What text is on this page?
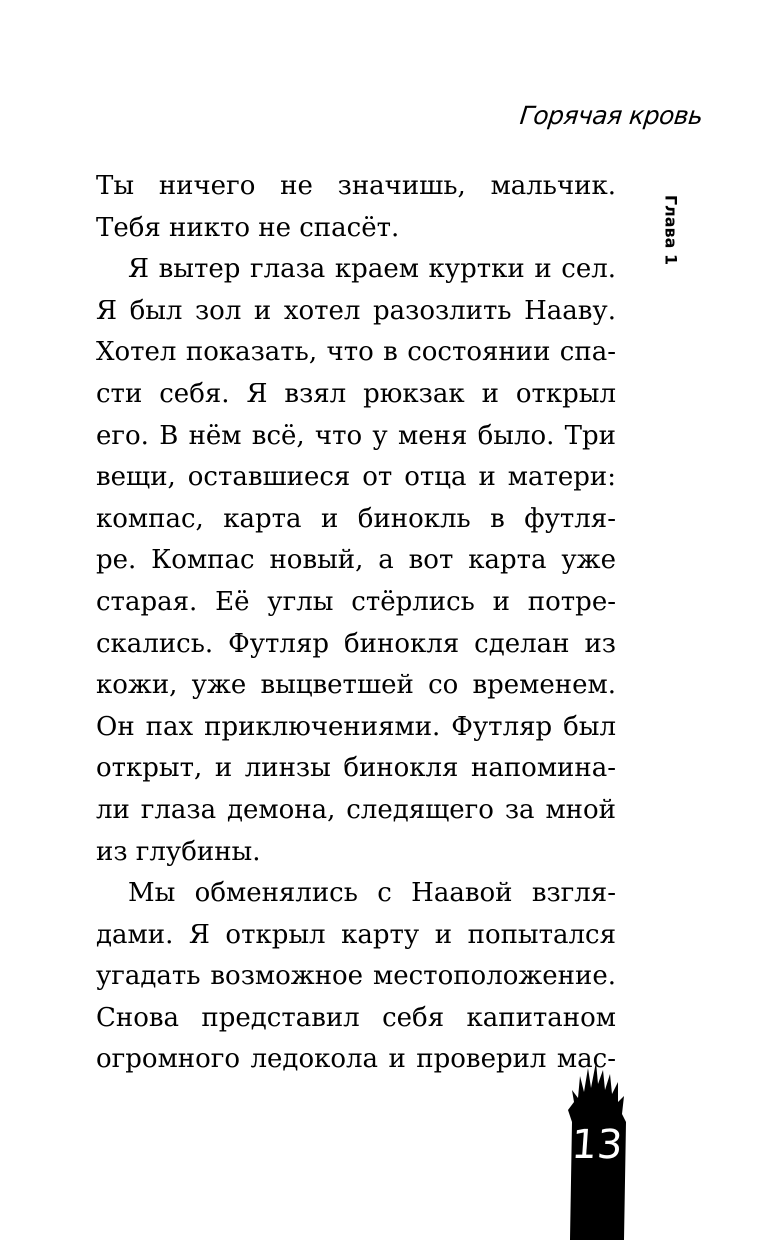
Горячая кровь
Глава 1
Ты ничего не значишь, мальчик.
Тебя никто не спасёт.
Я вытер глаза краем куртки и сел.
Я был зол и хотел разозлить Нааву.
Хотел показать, что в состоянии спа-
сти себя. Я взял рюкзак и открыл
его. В нём всё, что у меня было. Три
вещи, оставшиеся от отца и матери:
компас, карта и бинокль в футля-
ре. Компас новый, а вот карта уже
старая. Её углы стёрлись и потре-
скались. Футляр бинокля сделан из
кожи, уже выцветшей со временем.
Он пах приключениями. Футляр был
открыт, и линзы бинокля напомина-
ли глаза демона, следящего за мной
из глубины.
Мы обменялись с Наавой взгля-
дами. Я открыл карту и попытался
угадать возможное местоположение.
Снова представил себя капитаном
огромного ледокола и проверил мас-
13
